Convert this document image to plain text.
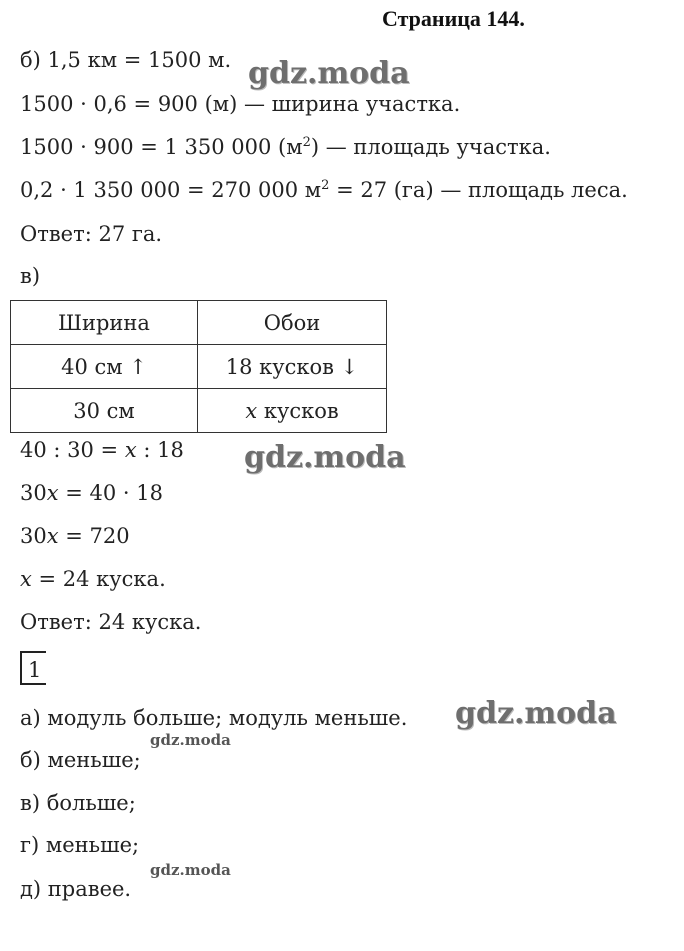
Страница 144.
б) 1,5 км = 1500 м.
1500 · 0,6 = 900 (м) — ширина участка.
1500 · 900 = 1 350 000 $(м^2)$ — площадь участка.
0,2 · 1 350 000 = 270 000 $м^2 = 27$ (га) — площадь леса.
Ответ: 27 га.
в)
Ширина	Обои
40 см ↑	18 кусков ↓
30 см	x кусков
40 : 30 = x : 18
30x = 40 · 18
30x = 720
x = 24 куска.
Ответ: 24 куска.
1
а) модуль больше; модуль меньше.
б) меньше;
в) больше;
г) меньше;
д) правее.
gdz.moda
gdz.moda
gdz.moda
gdz.moda
gdz.moda
